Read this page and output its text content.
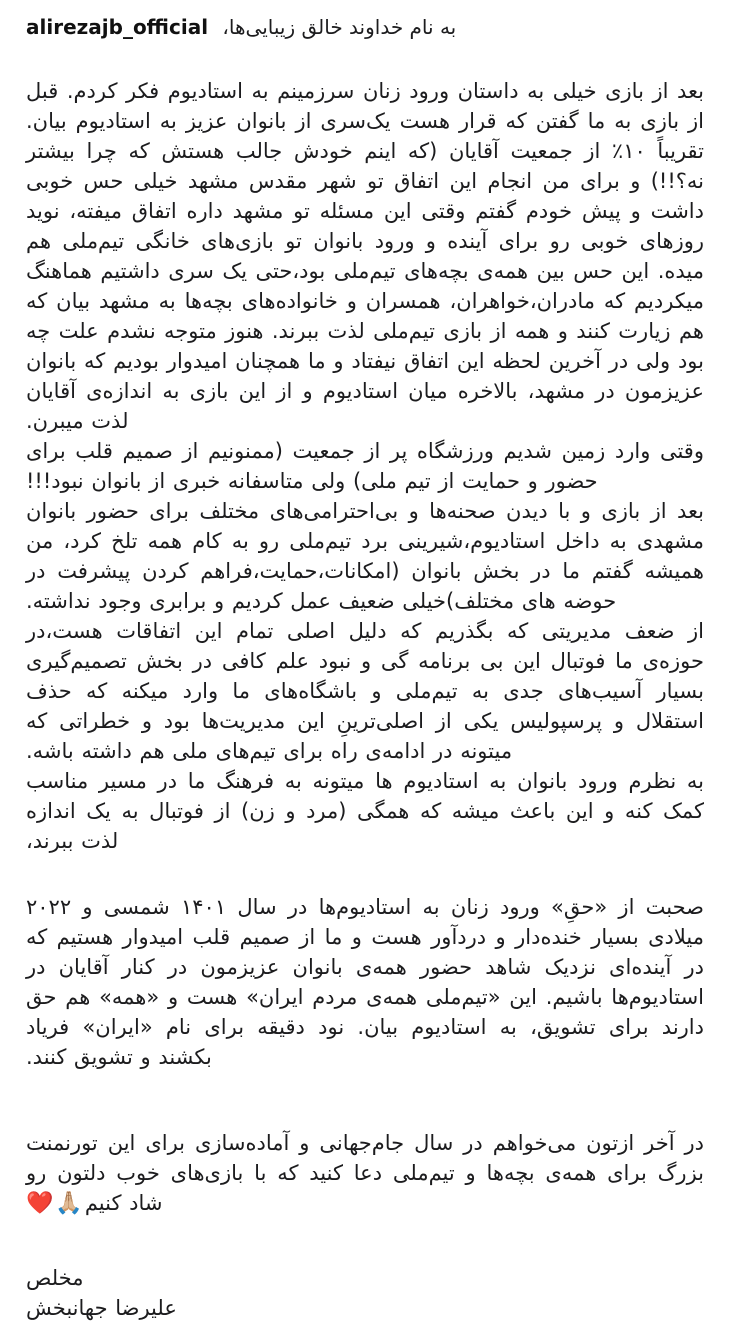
alirezajb_official به نام خداوند خالق زیبایی‌ها،

بعد از بازی خیلی به داستان ورود زنان سرزمینم به استادیوم فکر کردم. قبل از بازی به ما گفتن که قرار هست یک‌سری از بانوان عزیز به استادیوم بیان. تقریباً ۱۰٪ از جمعیت آقایان (که اینم خودش جالب هستش که چرا بیشتر نه؟!!) و برای من انجام این اتفاق تو شهر مقدس مشهد خیلی حس خوبی داشت و پیش خودم گفتم وقتی این مسئله تو مشهد داره اتفاق میفته، نوید روزهای خوبی رو برای آینده و ورود بانوان تو بازی‌های خانگی تیم‌ملی هم میده. این حس بین همه‌ی بچه‌های تیم‌ملی بود،حتی یک سری داشتیم هماهنگ میکردیم که مادران،خواهران، همسران و خانواده‌های بچه‌ها به مشهد بیان که هم زیارت کنند و همه از بازی تیم‌ملی لذت ببرند. هنوز متوجه نشدم علت چه بود ولی در آخرین لحظه این اتفاق نیفتاد و ما همچنان امیدوار بودیم که بانوان عزیزمون در مشهد، بالاخره میان استادیوم و از این بازی به اندازه‌ی آقایان لذت میبرن.

وقتی وارد زمین شدیم ورزشگاه پر از جمعیت (ممنونیم از صمیم قلب برای حضور و حمایت از تیم ملی) ولی متاسفانه خبری از بانوان نبود!!!

بعد از بازی و با دیدن صحنه‌ها و بی‌احترامی‌های مختلف برای حضور بانوان مشهدی به داخل استادیوم،شیرینی برد تیم‌ملی رو به کام همه تلخ کرد، من همیشه گفتم ما در بخش بانوان (امکانات،حمایت،فراهم کردن پیشرفت در حوضه های مختلف)خیلی ضعیف عمل کردیم و برابری وجود نداشته.

از ضعف مدیریتی که بگذریم که دلیل اصلی تمام این اتفاقات هست،در حوزه‌ی ما فوتبال این بی برنامه گی و نبود علم کافی در بخش تصمیم‌گیری بسیار آسیب‌های جدی به تیم‌ملی و باشگاه‌های ما وارد میکنه که حذف استقلال و پرسپولیس یکی از اصلی‌ترینِ این مدیریت‌ها بود و خطراتی که میتونه در ادامه‌ی راه برای تیم‌های ملی هم داشته باشه.

به نظرم ورود بانوان به استادیوم ها میتونه به فرهنگ ما در مسیر مناسب کمک کنه و این باعث میشه که همگی (مرد و زن) از فوتبال به یک اندازه لذت ببرند،

صحبت از «حقِ» ورود زنان به استادیوم‌ها در سال ۱۴۰۱ شمسی و ۲۰۲۲ میلادی بسیار خنده‌دار و دردآور هست و ما از صمیم قلب امیدوار هستیم که در آینده‌ای نزدیک شاهد حضور همه‌ی بانوان عزیزمون در کنار آقایان در استادیوم‌ها باشیم. این «تیم‌ملی همه‌ی مردم ایران» هست و «همه» هم حق دارند برای تشویق، به استادیوم بیان. نود دقیقه برای نام «ایران» فریاد بکشند و تشویق کنند.

در آخر ازتون می‌خواهم در سال جام‌جهانی و آماده‌سازی برای این تورنمنت بزرگ برای همه‌ی بچه‌ها و تیم‌ملی دعا کنید که با بازی‌های خوب دلتون رو شاد کنیم🙏🏼❤️

مخلص

علیرضا جهانبخش
